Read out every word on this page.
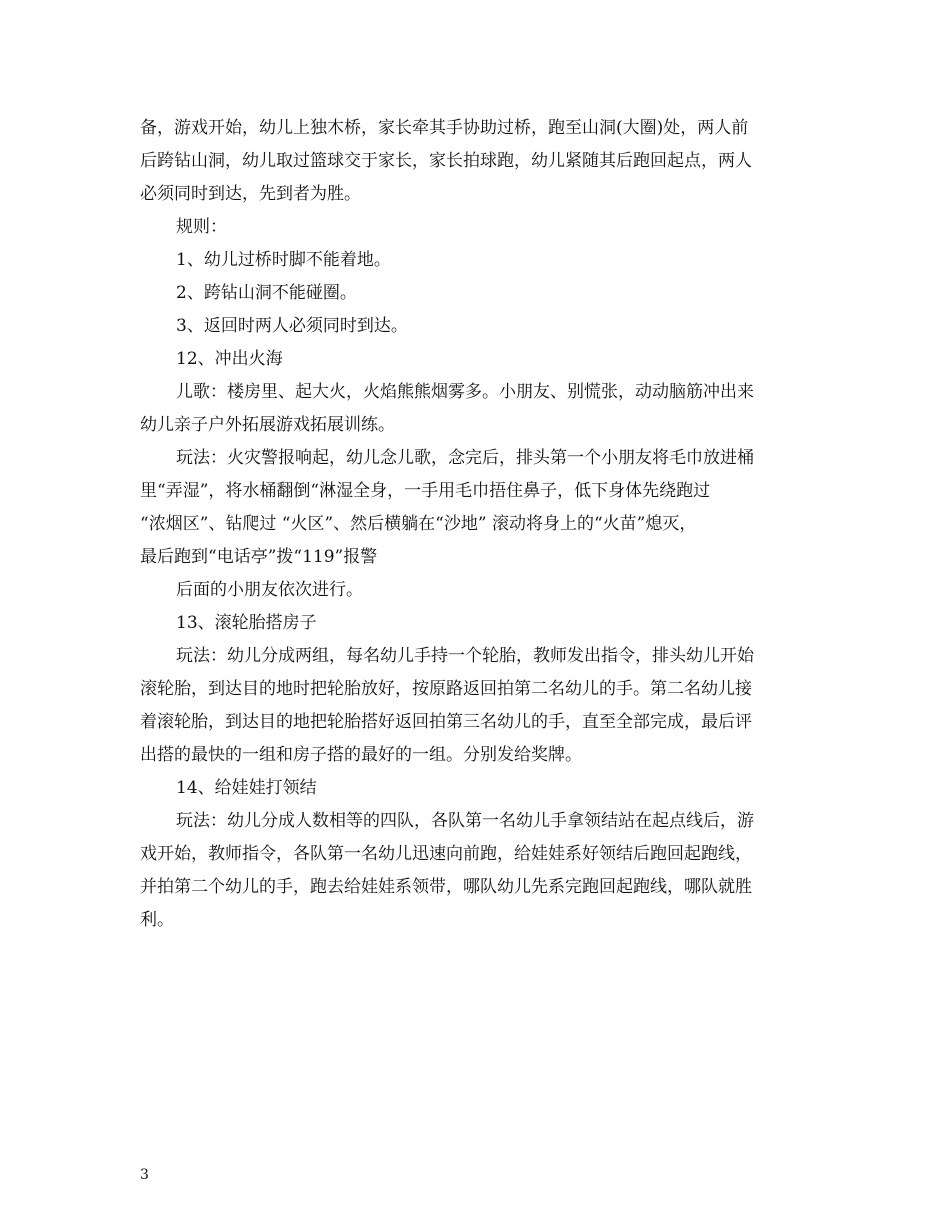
备，游戏开始，幼儿上独木桥，家长牵其手协助过桥，跑至山洞(大圈)处，两人前
后跨钻山洞，幼儿取过篮球交于家长，家长拍球跑，幼儿紧随其后跑回起点，两人
必须同时到达，先到者为胜。
规则：
1、幼儿过桥时脚不能着地。
2、跨钻山洞不能碰圈。
3、返回时两人必须同时到达。
12、冲出火海
儿歌：楼房里、起大火，火焰熊熊烟雾多。小朋友、别慌张，动动脑筋冲出来
幼儿亲子户外拓展游戏拓展训练。
玩法：火灾警报响起，幼儿念儿歌，念完后，排头第一个小朋友将毛巾放进桶
里“弄湿”，将水桶翻倒“淋湿全身，一手用毛巾捂住鼻子，低下身体先绕跑过
“浓烟区”、钻爬过 “火区”、然后横躺在“沙地” 滚动将身上的“火苗”熄灭，
最后跑到“电话亭”拨“119”报警
后面的小朋友依次进行。
13、滚轮胎搭房子
玩法：幼儿分成两组，每名幼儿手持一个轮胎，教师发出指令，排头幼儿开始
滚轮胎，到达目的地时把轮胎放好，按原路返回拍第二名幼儿的手。第二名幼儿接
着滚轮胎，到达目的地把轮胎搭好返回拍第三名幼儿的手，直至全部完成，最后评
出搭的最快的一组和房子搭的最好的一组。分别发给奖牌。
14、给娃娃打领结
玩法：幼儿分成人数相等的四队，各队第一名幼儿手拿领结站在起点线后，游
戏开始，教师指令，各队第一名幼儿迅速向前跑，给娃娃系好领结后跑回起跑线，
并拍第二个幼儿的手，跑去给娃娃系领带，哪队幼儿先系完跑回起跑线，哪队就胜
利。
3
